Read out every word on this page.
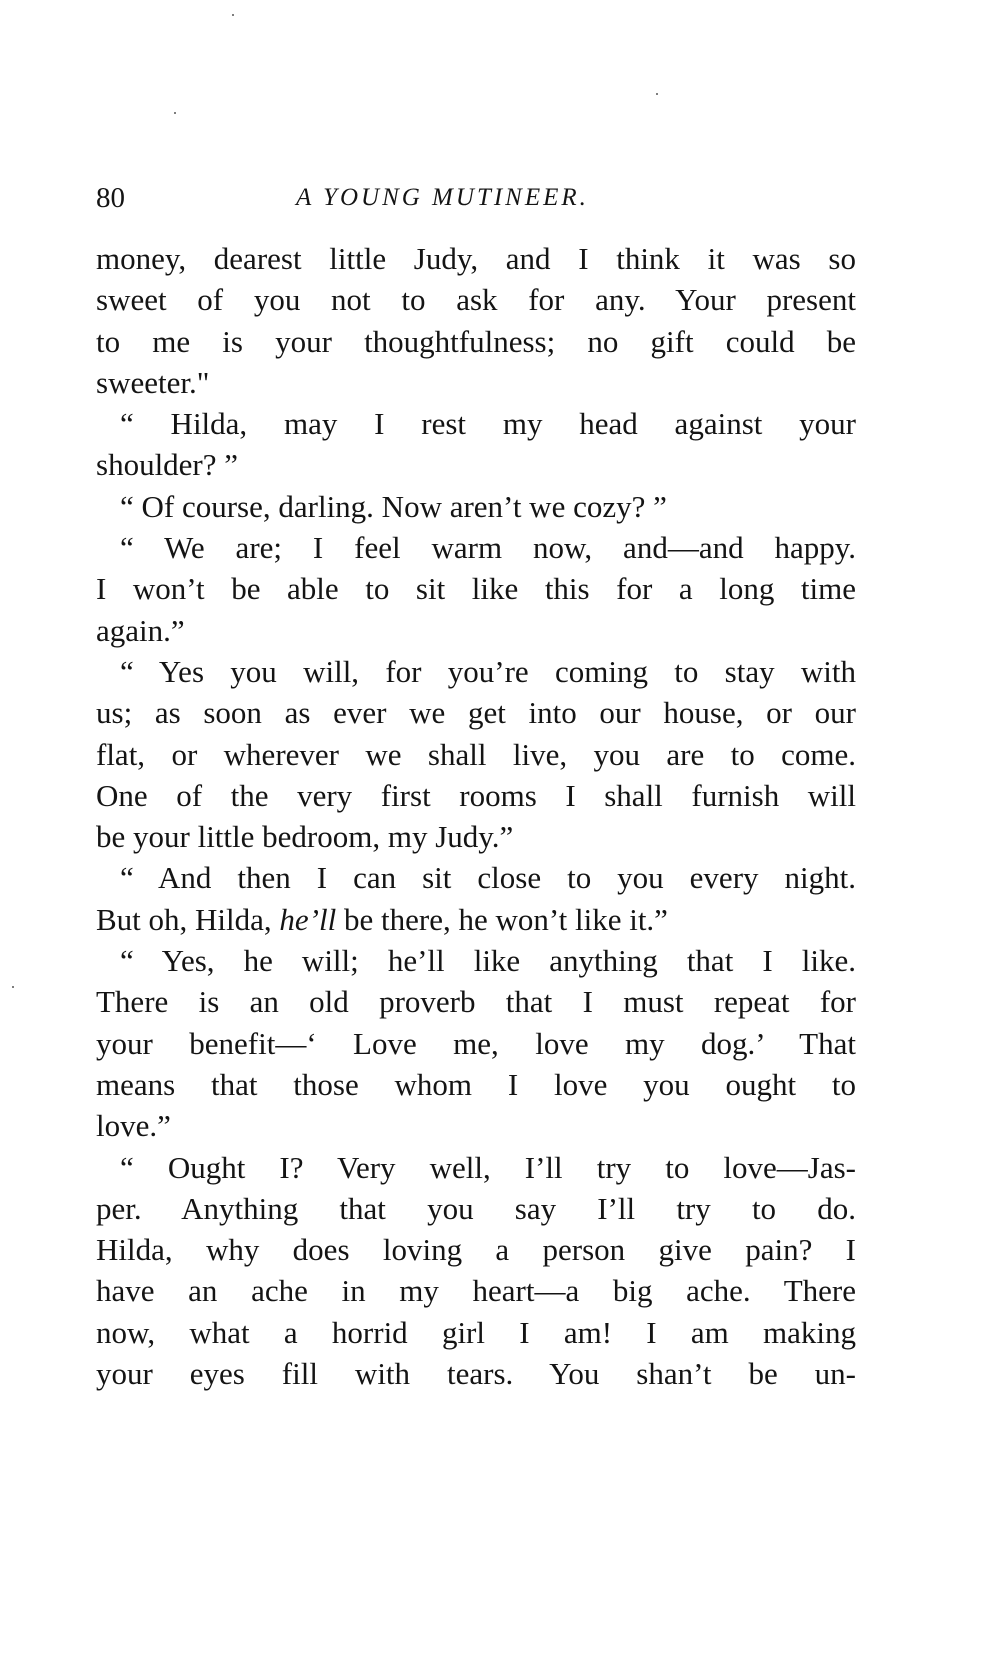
80	A YOUNG MUTINEER.
money, dearest little Judy, and I think it was so
sweet of you not to ask for any. Your present
to me is your thoughtfulness; no gift could be
sweeter."
“ Hilda, may I rest my head against your
shoulder? ”
“ Of course, darling. Now aren’t we cozy? ”
“ We are; I feel warm now, and—and happy.
I won’t be able to sit like this for a long time
again.”
“ Yes you will, for you’re coming to stay with
us; as soon as ever we get into our house, or our
flat, or wherever we shall live, you are to come.
One of the very first rooms I shall furnish will
be your little bedroom, my Judy.”
“ And then I can sit close to you every night.
But oh, Hilda, he’ll be there, he won’t like it.”
“ Yes, he will; he’ll like anything that I like.
There is an old proverb that I must repeat for
your benefit—‘ Love me, love my dog.’ That
means that those whom I love you ought to
love.”
“ Ought I? Very well, I’ll try to love—Jas-
per. Anything that you say I’ll try to do.
Hilda, why does loving a person give pain? I
have an ache in my heart—a big ache. There
now, what a horrid girl I am! I am making
your eyes fill with tears. You shan’t be un-
